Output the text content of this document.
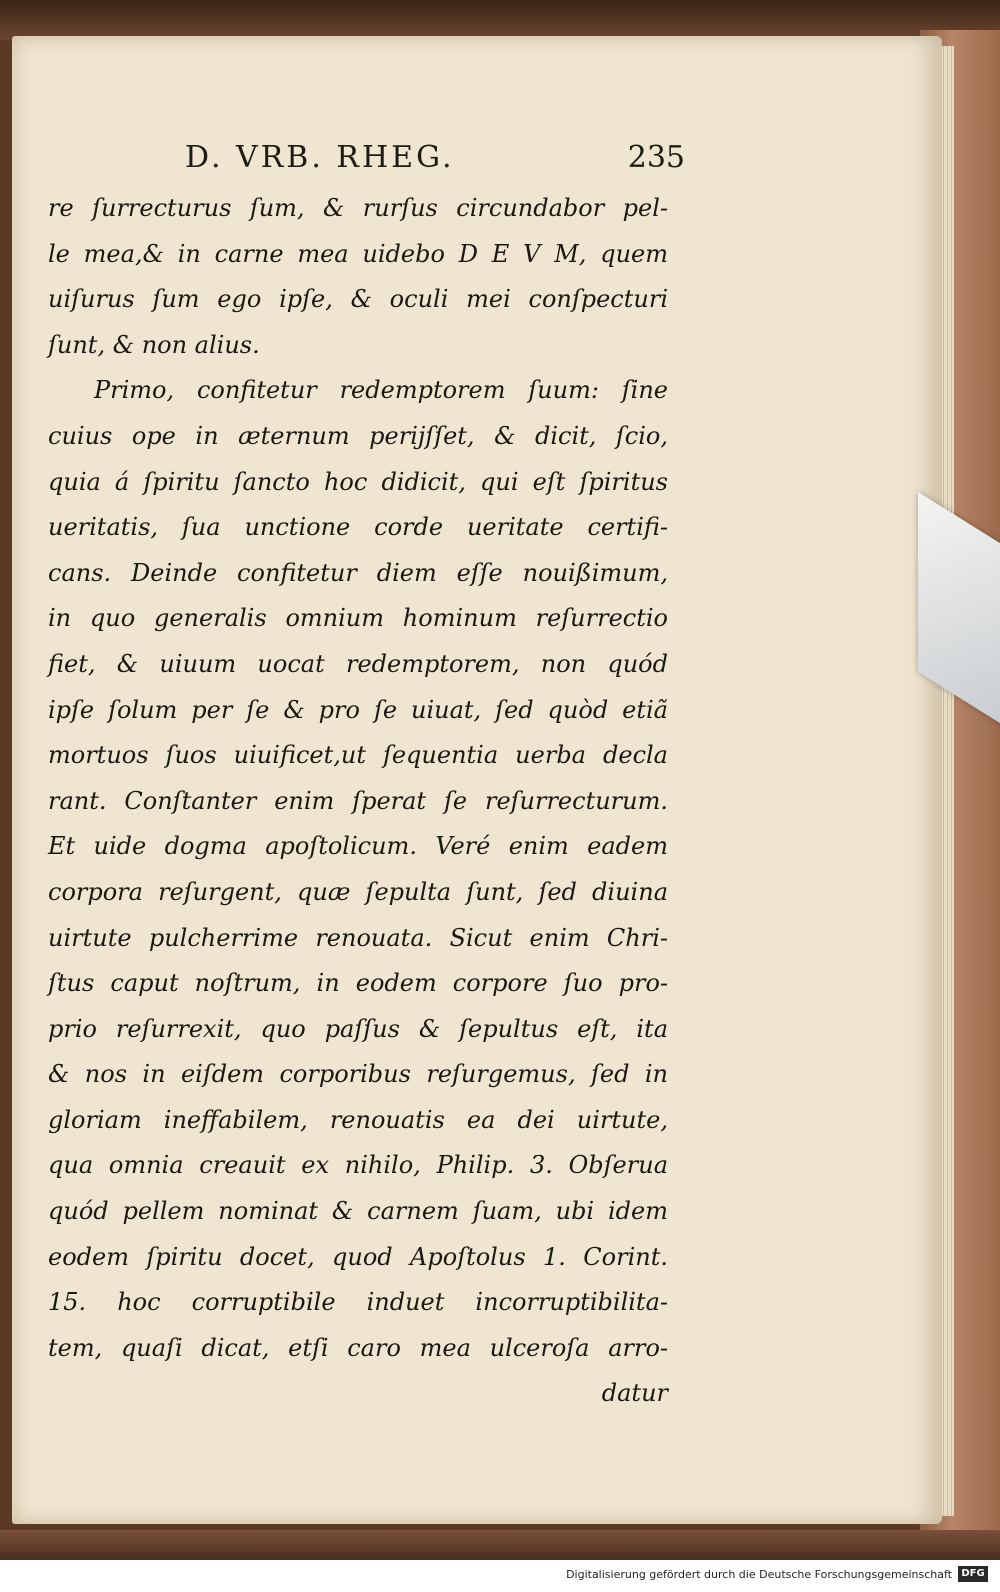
D. VRB. RHEG.	235
re ſurrecturus ſum, & rurſus circundabor pel-
le mea,& in carne mea uidebo D E V M, quem
uiſurus ſum ego ipſe, & oculi mei conſpecturi
ſunt, & non alius.
Primo, confitetur redemptorem ſuum: ſine
cuius ope in æternum perijſſet, & dicit, ſcio,
quia á ſpiritu ſancto hoc didicit, qui eſt ſpiritus
ueritatis, ſua unctione corde ueritate certifi-
cans. Deinde confitetur diem eſſe nouißimum,
in quo generalis omnium hominum reſurrectio
fiet, & uiuum uocat redemptorem, non quód
ipſe ſolum per ſe & pro ſe uiuat, ſed quòd etiã
mortuos ſuos uiuificet,ut ſequentia uerba decla
rant. Conſtanter enim ſperat ſe reſurrecturum.
Et uide dogma apoſtolicum. Veré enim eadem
corpora reſurgent, quæ ſepulta ſunt, ſed diuina
uirtute pulcherrime renouata. Sicut enim Chri-
ſtus caput noſtrum, in eodem corpore ſuo pro-
prio reſurrexit, quo paſſus & ſepultus eſt, ita
& nos in eiſdem corporibus reſurgemus, ſed in
gloriam ineffabilem, renouatis ea dei uirtute,
qua omnia creauit ex nihilo, Philip. 3. Obſerua
quód pellem nominat & carnem ſuam, ubi idem
eodem ſpiritu docet, quod Apoſtolus 1. Corint.
15. hoc corruptibile induet incorruptibilita-
tem, quaſi dicat, etſi caro mea ulceroſa arro-
datur
Digitalisierung gefördert durch die Deutsche Forschungsgemeinschaft DFG
